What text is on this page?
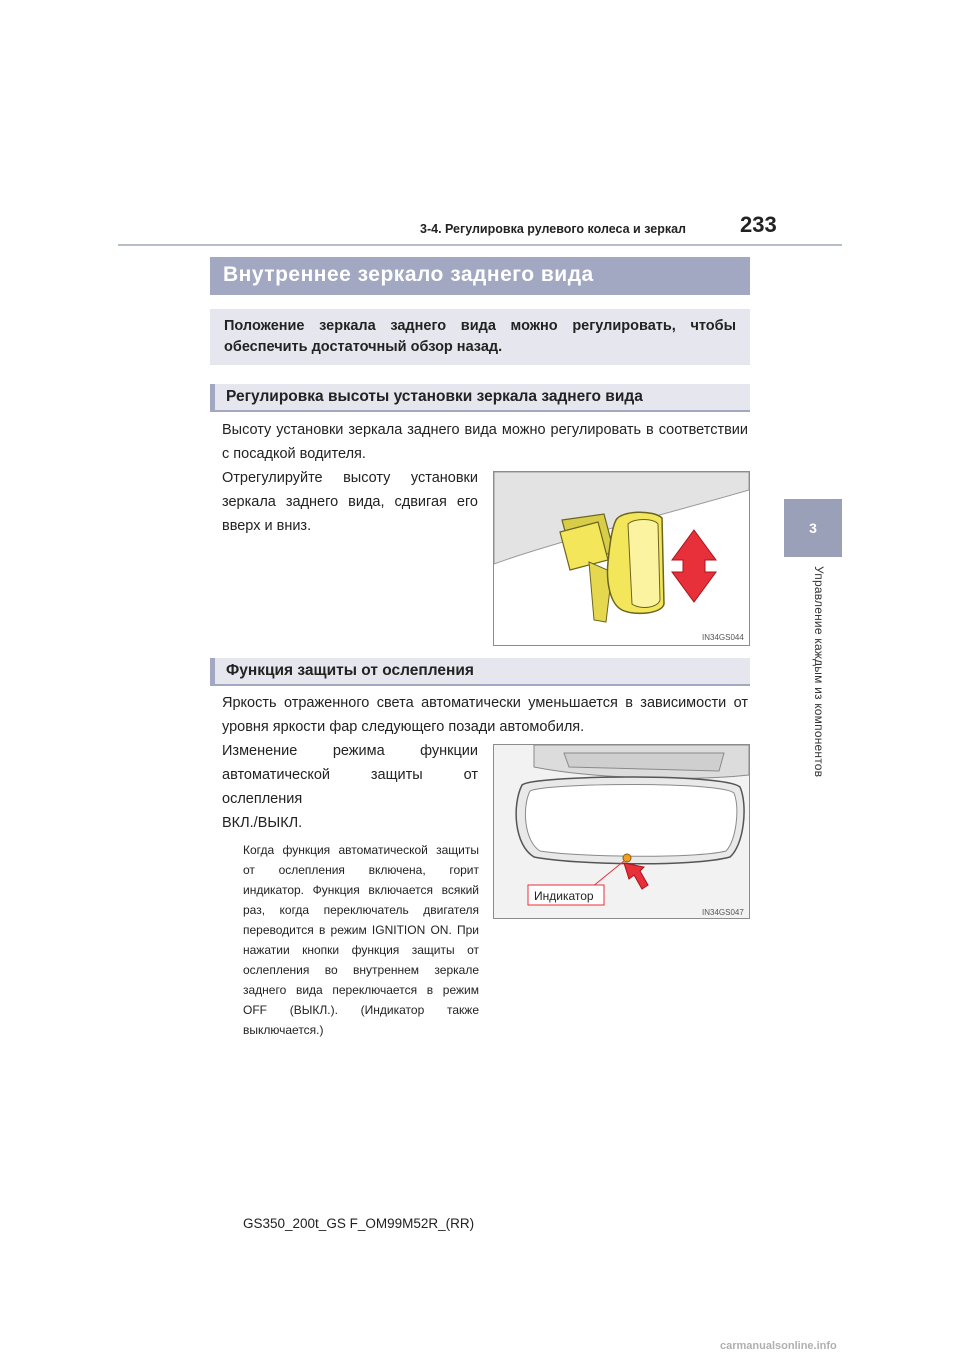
3-4. Регулировка рулевого колеса и зеркал	233
3
Управление каждым из компонентов
Внутреннее зеркало заднего вида
Положение зеркала заднего вида можно регулировать, чтобы обеспечить достаточный обзор назад.
Регулировка высоты установки зеркала заднего вида
Высоту установки зеркала заднего вида можно регулировать в соответствии с посадкой водителя.
Отрегулируйте высоту установки зеркала заднего вида, сдвигая его вверх и вниз.
IN34GS044
Функция защиты от ослепления
Яркость отраженного света автоматически уменьшается в зависимости от уровня яркости фар следующего позади автомобиля.
Изменение режима функции автоматической защиты от ослепления
ВКЛ./ВЫКЛ.
Когда функция автоматической защиты от ослепления включена, горит индикатор. Функция включается всякий раз, когда переключатель двигателя переводится в режим IGNITION ON. При нажатии кнопки функция защиты от ослепления во внутреннем зеркале заднего вида переключается в режим OFF (ВЫКЛ.). (Индикатор также выключается.)
Индикатор
IN34GS047
GS350_200t_GS F_OM99M52R_(RR)
carmanualsonline.info
